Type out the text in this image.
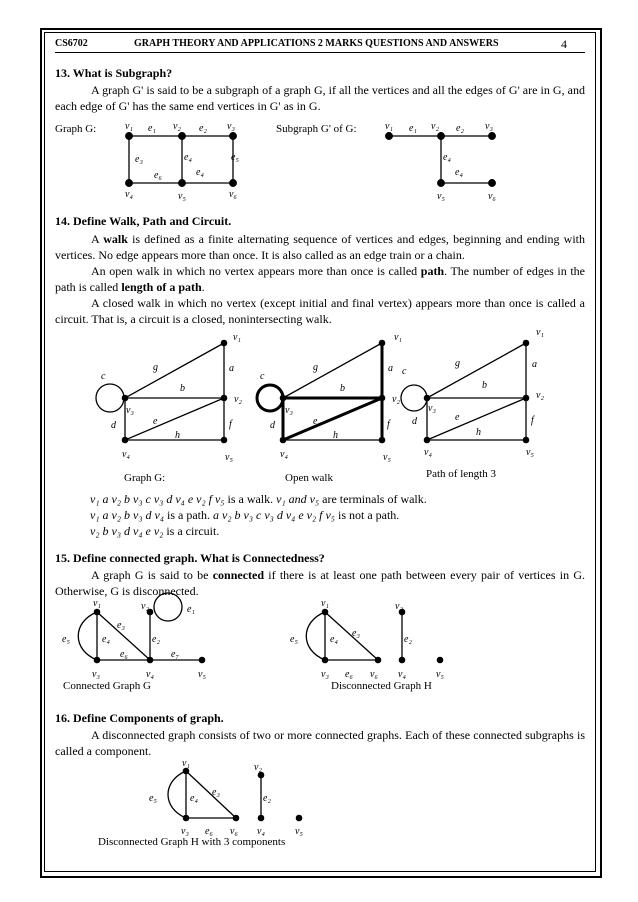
CS6702	GRAPH THEORY AND APPLICATIONS 2 MARKS QUESTIONS AND ANSWERS	4
13. What is Subgraph?
A graph G' is said to be a subgraph of a graph G, if all the vertices and all the edges of G' are in G, and each edge of G' has the same end vertices in G' as in G.
Graph G:	Subgraph G' of G:
v₁ e₁ v₂ e₂ v₃
e₃	e₄	e₅
e₆	e₄
v₄	v₅	v₆
v₁ e₁ v₂ e₂ v₃
e₄
e₄
v₅	v₆
14. Define Walk, Path and Circuit.
A walk is defined as a finite alternating sequence of vertices and edges, beginning and ending with vertices. No edge appears more than once. It is also called as an edge train or a chain.
An open walk in which no vertex appears more than once is called path. The number of edges in the path is called length of a path.
A closed walk in which no vertex (except initial and final vertex) appears more than once is called a circuit. That is, a circuit is a closed, nonintersecting walk.
v₁
g	a
c
b
v₂
v₃
e
d	f
h
v₄	v₅
v₁
g	a
c
b
v₂
v₃
e
d	f
h
v₄	v₅
v₁
g	a
c
b
v₂
v₃
e
d	f
h
v₄	v₅
Graph G:	Open walk	Path of length 3
v₁ a v₂ b v₃ c v₃ d v₄ e v₂ f v₅ is a walk. v₁ and v₅ are terminals of walk.
v₁ a v₂ b v₃ d v₄ is a path. a v₂ b v₃ c v₃ d v₄ e v₂ f v₅ is not a path.
v₂ b v₃ d v₄ e v₂ is a circuit.
15. Define connected graph. What is Connectedness?
A graph G is said to be connected if there is at least one path between every pair of vertices in G. Otherwise, G is disconnected.
v₁	v₂	e₁
e₃
e₅	e₄	e₂
e₆	e₇
v₃	v₄	v₅
v₁	v₂
e₃
e₅	e₄	e₂
v₃ e₆ v₆ v₄	v₅
Connected Graph G	Disconnected Graph H
16. Define Components of graph.
A disconnected graph consists of two or more connected graphs. Each of these connected subgraphs is called a component.
v₁	v₂
e₃
e₅	e₄	e₂
v₃ e₆ v₆ v₄	v₅
Disconnected Graph H with 3 components
